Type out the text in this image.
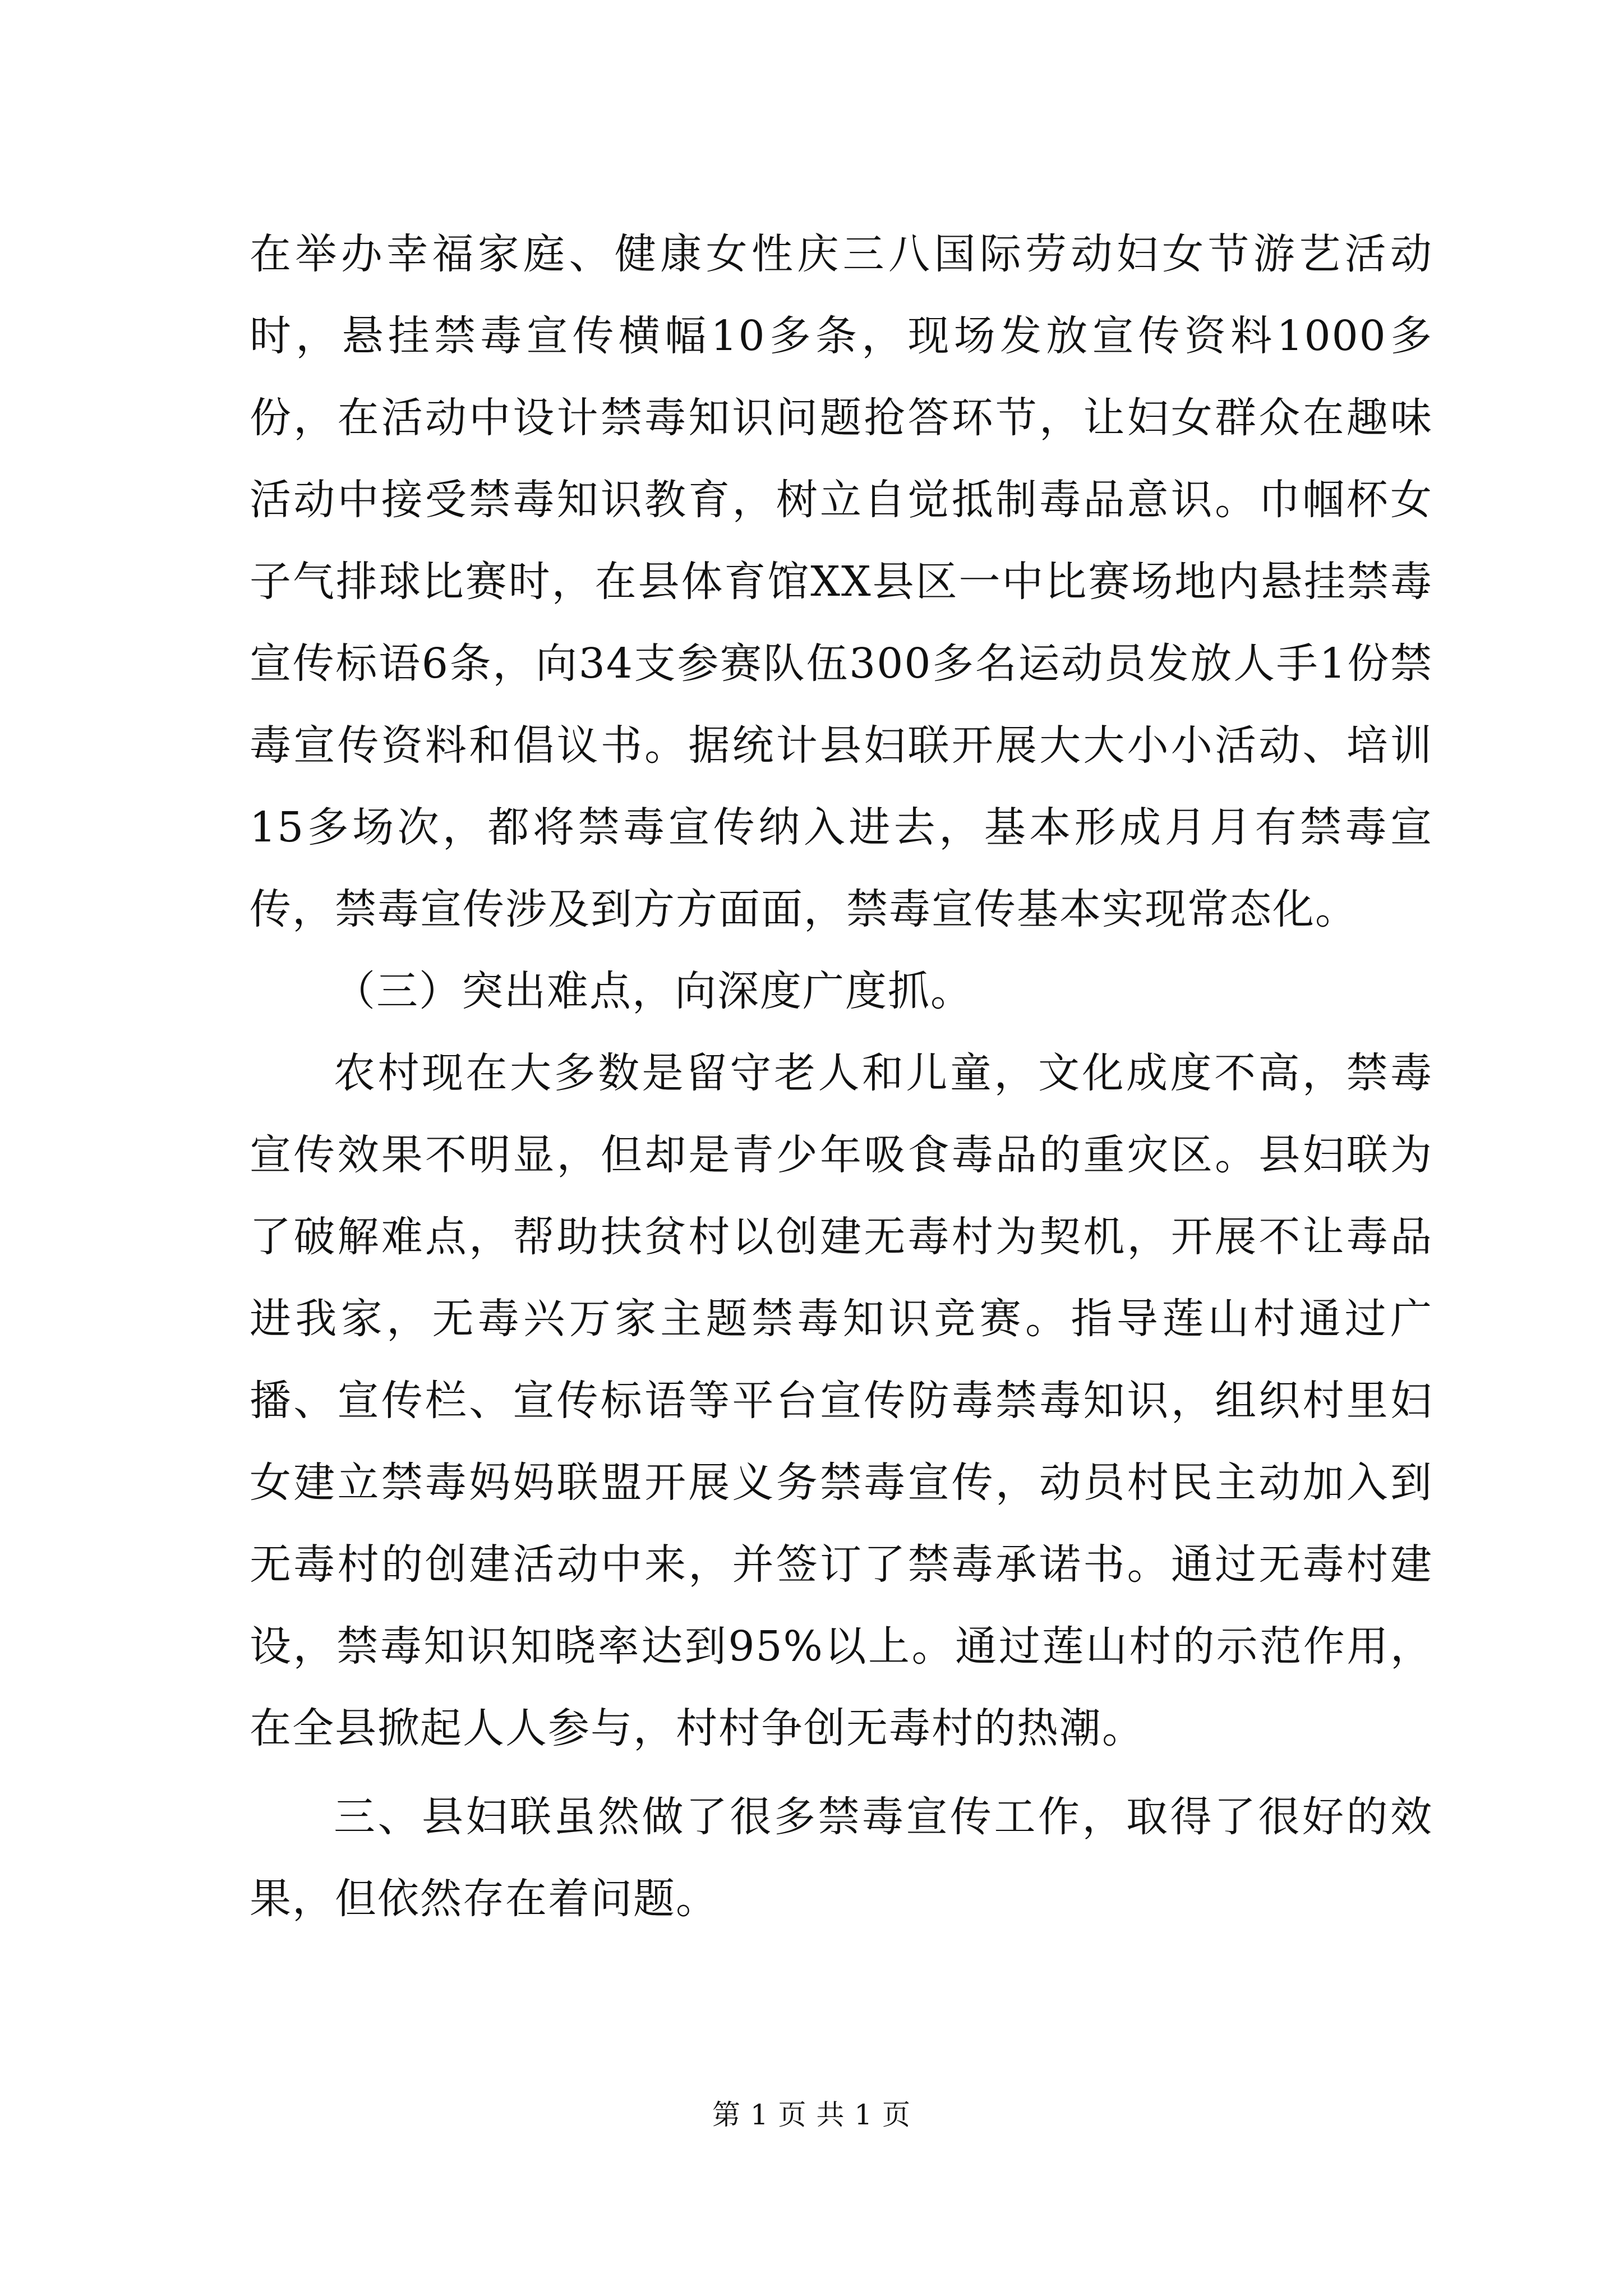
在举办幸福家庭、健康女性庆三八国际劳动妇女节游艺活动时，悬挂禁毒宣传横幅10多条，现场发放宣传资料1000多份，在活动中设计禁毒知识问题抢答环节，让妇女群众在趣味活动中接受禁毒知识教育，树立自觉抵制毒品意识。巾帼杯女子气排球比赛时，在县体育馆XX县区一中比赛场地内悬挂禁毒宣传标语6条，向34支参赛队伍300多名运动员发放人手1份禁毒宣传资料和倡议书。据统计县妇联开展大大小小活动、培训15多场次，都将禁毒宣传纳入进去，基本形成月月有禁毒宣传，禁毒宣传涉及到方方面面，禁毒宣传基本实现常态化。

（三）突出难点，向深度广度抓。

农村现在大多数是留守老人和儿童，文化成度不高，禁毒宣传效果不明显，但却是青少年吸食毒品的重灾区。县妇联为了破解难点，帮助扶贫村以创建无毒村为契机，开展不让毒品进我家，无毒兴万家主题禁毒知识竞赛。指导莲山村通过广播、宣传栏、宣传标语等平台宣传防毒禁毒知识，组织村里妇女建立禁毒妈妈联盟开展义务禁毒宣传，动员村民主动加入到无毒村的创建活动中来，并签订了禁毒承诺书。通过无毒村建设，禁毒知识知晓率达到95%以上。通过莲山村的示范作用，在全县掀起人人参与，村村争创无毒村的热潮。

三、县妇联虽然做了很多禁毒宣传工作，取得了很好的效果，但依然存在着问题。

第 1 页 共 1 页
